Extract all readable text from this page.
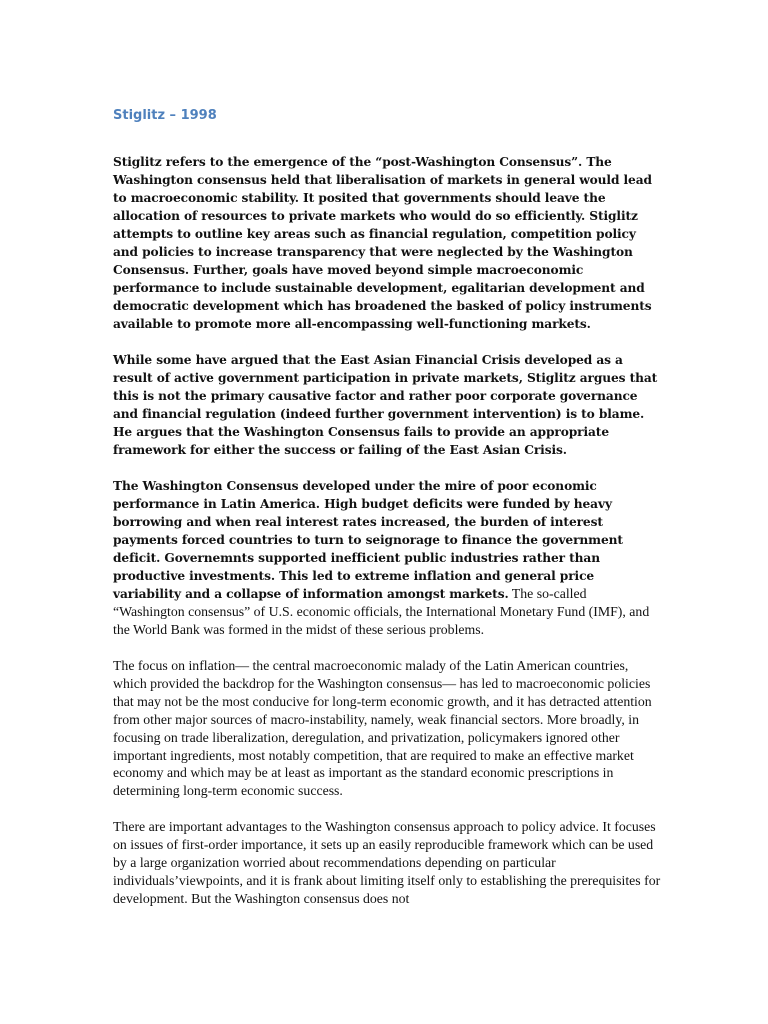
Stiglitz – 1998

Stiglitz refers to the emergence of the “post-Washington Consensus”. The Washington consensus held that liberalisation of markets in general would lead to macroeconomic stability. It posited that governments should leave the allocation of resources to private markets who would do so efficiently. Stiglitz attempts to outline key areas such as financial regulation, competition policy and policies to increase transparency that were neglected by the Washington Consensus. Further, goals have moved beyond simple macroeconomic performance to include sustainable development, egalitarian development and democratic development which has broadened the basked of policy instruments available to promote more all-encompassing well-functioning markets.

While some have argued that the East Asian Financial Crisis developed as a result of active government participation in private markets, Stiglitz argues that this is not the primary causative factor and rather poor corporate governance and financial regulation (indeed further government intervention) is to blame. He argues that the Washington Consensus fails to provide an appropriate framework for either the success or failing of the East Asian Crisis.

The Washington Consensus developed under the mire of poor economic performance in Latin America. High budget deficits were funded by heavy borrowing and when real interest rates increased, the burden of interest payments forced countries to turn to seignorage to finance the government deficit. Governemnts supported inefficient public industries rather than productive investments. This led to extreme inflation and general price variability and a collapse of information amongst markets. The so-called “Washington consensus” of U.S. economic officials, the International Monetary Fund (IMF), and the World Bank was formed in the midst of these serious problems.

The focus on inflation— the central macroeconomic malady of the Latin American countries, which provided the backdrop for the Washington consensus— has led to macroeconomic policies that may not be the most conducive for long-term economic growth, and it has detracted attention from other major sources of macro-instability, namely, weak financial sectors. More broadly, in focusing on trade liberalization, deregulation, and privatization, policymakers ignored other important ingredients, most notably competition, that are required to make an effective market economy and which may be at least as important as the standard economic prescriptions in determining long-term economic success.

There are important advantages to the Washington consensus approach to policy advice. It focuses on issues of first-order importance, it sets up an easily reproducible framework which can be used by a large organization worried about recommendations depending on particular individuals’viewpoints, and it is frank about limiting itself only to establishing the prerequisites for development. But the Washington consensus does not
